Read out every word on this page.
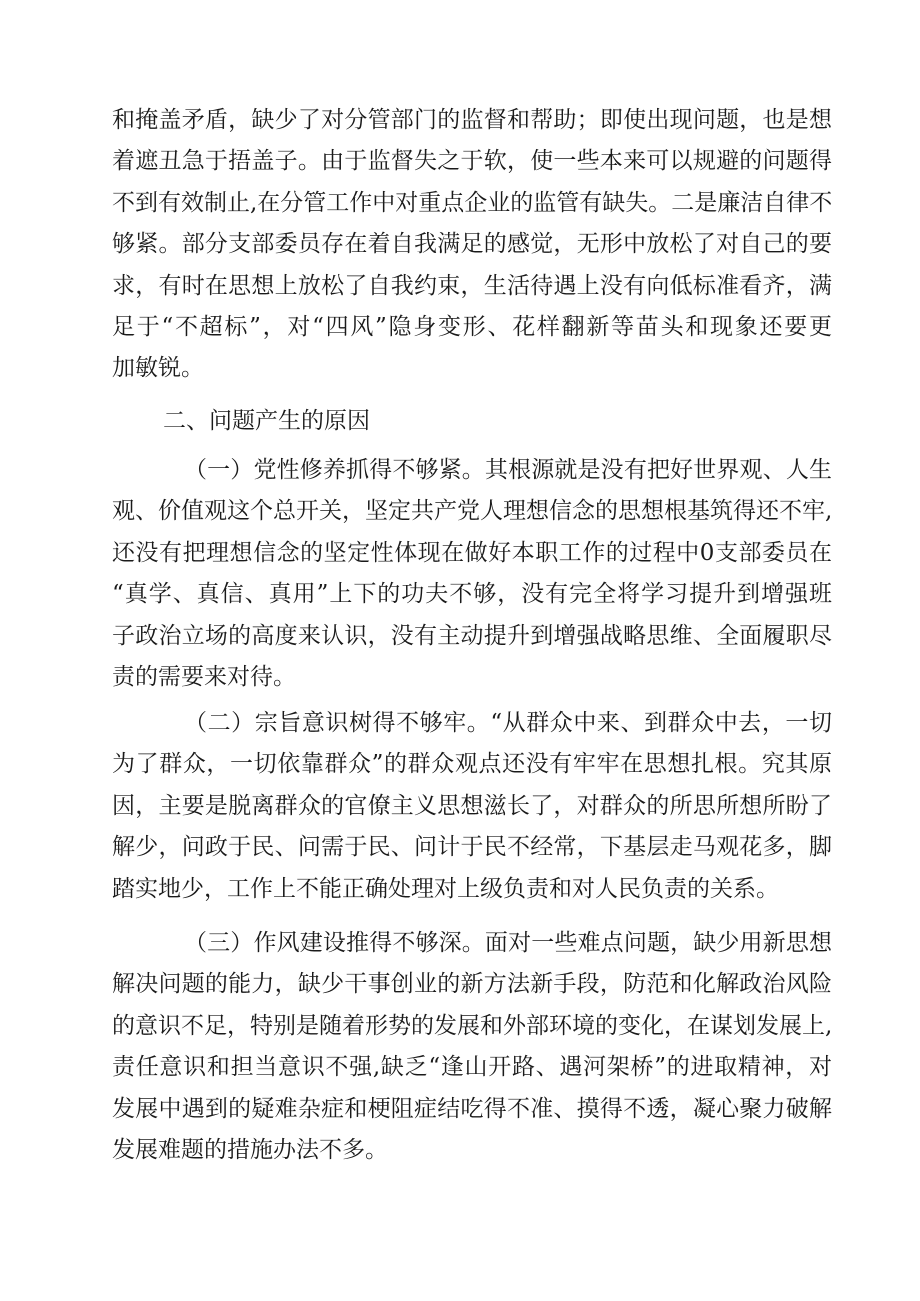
和掩盖矛盾，缺少了对分管部门的监督和帮助；即使出现问题，也是想
着遮丑急于捂盖子。由于监督失之于软，使一些本来可以规避的问题得
不到有效制止,在分管工作中对重点企业的监管有缺失。二是廉洁自律不
够紧。部分支部委员存在着自我满足的感觉，无形中放松了对自己的要
求，有时在思想上放松了自我约束，生活待遇上没有向低标准看齐，满
足于“不超标”，对“四风”隐身变形、花样翻新等苗头和现象还要更
加敏锐。
二、问题产生的原因
（一）党性修养抓得不够紧。其根源就是没有把好世界观、人生
观、价值观这个总开关，坚定共产党人理想信念的思想根基筑得还不牢,
还没有把理想信念的坚定性体现在做好本职工作的过程中0支部委员在
“真学、真信、真用”上下的功夫不够，没有完全将学习提升到增强班
子政治立场的高度来认识，没有主动提升到增强战略思维、全面履职尽
责的需要来对待。
（二）宗旨意识树得不够牢。“从群众中来、到群众中去，一切
为了群众，一切依靠群众”的群众观点还没有牢牢在思想扎根。究其原
因，主要是脱离群众的官僚主义思想滋长了，对群众的所思所想所盼了
解少，问政于民、问需于民、问计于民不经常，下基层走马观花多，脚
踏实地少，工作上不能正确处理对上级负责和对人民负责的关系。
（三）作风建设推得不够深。面对一些难点问题，缺少用新思想
解决问题的能力，缺少干事创业的新方法新手段，防范和化解政治风险
的意识不足，特别是随着形势的发展和外部环境的变化，在谋划发展上,
责任意识和担当意识不强,缺乏“逢山开路、遇河架桥”的进取精神，对
发展中遇到的疑难杂症和梗阻症结吃得不准、摸得不透，凝心聚力破解
发展难题的措施办法不多。
